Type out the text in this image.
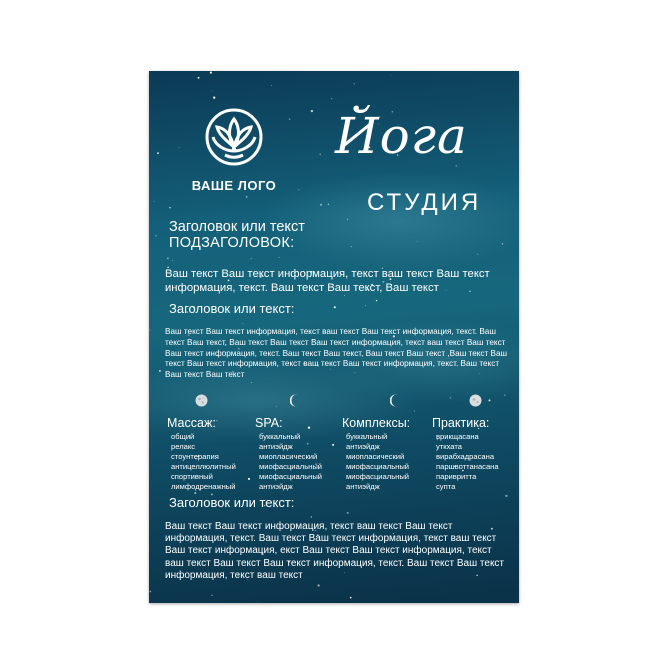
ВАШЕ ЛОГО
Йога
СТУДИЯ
Заголовок или текст
ПОДЗАГОЛОВОК:
Ваш текст Ваш текст информация, текст ваш текст Ваш текст информация, текст. Ваш текст Ваш текст, Ваш текст
Заголовок или текст:
Ваш текст Ваш текст информация, текст ваш текст Ваш текст информация, текст. Ваш текст Ваш текст, Ваш текст Ваш текст Ваш текст информация, текст ваш текст Ваш текст Ваш текст информация, текст. Ваш текст Ваш текст, Ваш текст Ваш текст ,Ваш текст Ваш текст Ваш текст информация, текст ваш текст Ваш текст информация, текст. Ваш текст Ваш текст Ваш текст
Массаж:
общий
релакс
стоунтерапия
антицеллюлитный
спортивный
лимфодренажный
SPA:
буккальный
антиэйдж
миопласический
миофасциальный
миофасциальный
антиэйдж
Комплексы:
буккальный
антиэйдж
миопласический
миофасциальный
миофасциальный
антиэйдж
Практика:
врикщасана
уткхата
вирабхадрасана
паршвоттанасана
паривритта
супта
Заголовок или текст:
Ваш текст Ваш текст информация, текст ваш текст Ваш текст информация, текст. Ваш текст Ваш текст информация, текст ваш текст Ваш текст информация, екст Ваш текст Ваш текст информация, текст ваш текст Ваш текст Ваш текст информация, текст. Ваш текст Ваш текст информация, текст ваш текст
